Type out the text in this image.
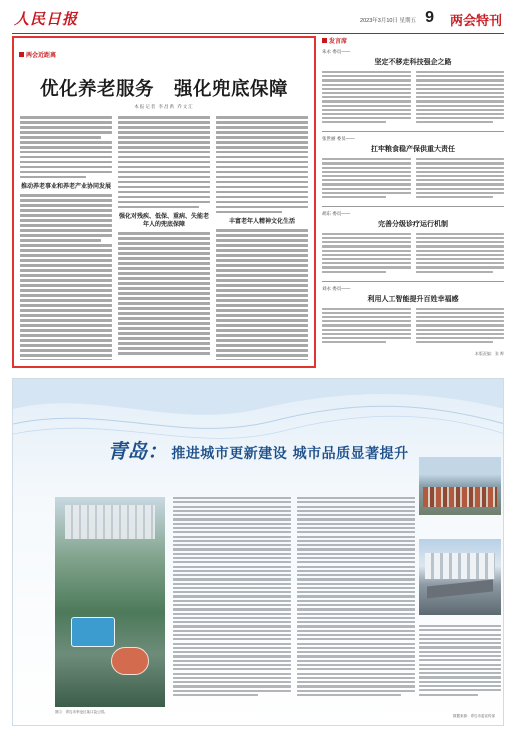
人民日报	2023年3月10日 星期五 9 两会特刊
两会近距离
优化养老服务 强化兜底保障
本报记者 李昌禹 乔文汇
推动养老事业和养老产业协同发展
强化对残疾、低保、重病、失能老年人的兜底保障	丰富老年人精神文化生活
发言席
朱永 委员——
坚定不移走科技强企之路
张世丽 委员——
扛牢粮食稳产保供重大责任
胡东 委员——
完善分级诊疗运行机制
刘永 委员——
利用人工智能提升百姓幸福感
本版责编：张 晔
青岛： 推进城市更新建设 城市品质显著提升
图①：青岛市李沧区某口袋公园。
数据来源：青岛市委宣传部
